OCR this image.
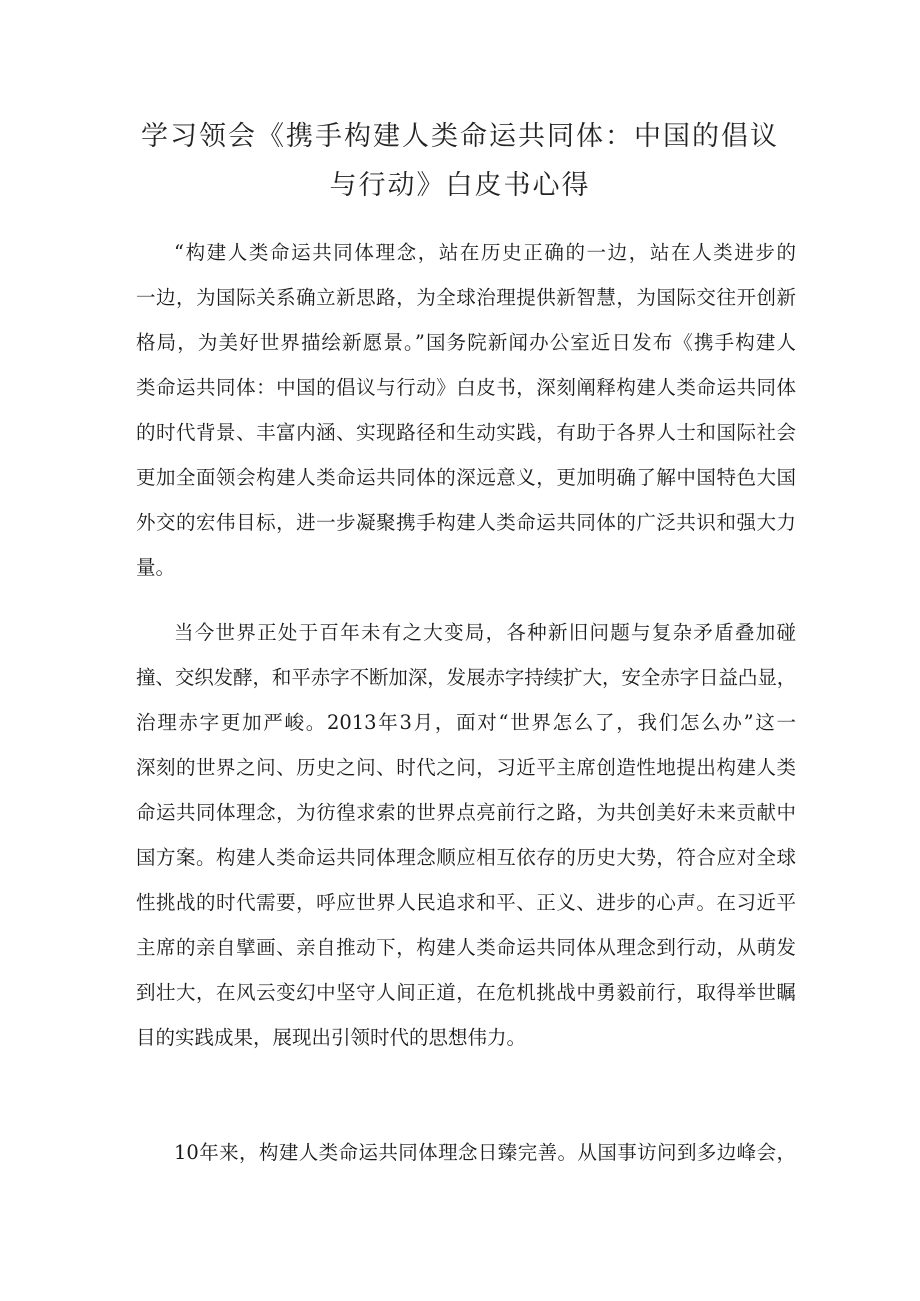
学习领会《携手构建人类命运共同体：中国的倡议
与行动》白皮书心得

“构建人类命运共同体理念，站在历史正确的一边，站在人类进步的
一边，为国际关系确立新思路，为全球治理提供新智慧，为国际交往开创新
格局，为美好世界描绘新愿景。”国务院新闻办公室近日发布《携手构建人
类命运共同体：中国的倡议与行动》白皮书，深刻阐释构建人类命运共同体
的时代背景、丰富内涵、实现路径和生动实践，有助于各界人士和国际社会
更加全面领会构建人类命运共同体的深远意义，更加明确了解中国特色大国
外交的宏伟目标，进一步凝聚携手构建人类命运共同体的广泛共识和强大力
量。

当今世界正处于百年未有之大变局，各种新旧问题与复杂矛盾叠加碰
撞、交织发酵，和平赤字不断加深，发展赤字持续扩大，安全赤字日益凸显，
治理赤字更加严峻。2013年3月，面对“世界怎么了，我们怎么办”这一
深刻的世界之问、历史之问、时代之问，习近平主席创造性地提出构建人类
命运共同体理念，为彷徨求索的世界点亮前行之路，为共创美好未来贡献中
国方案。构建人类命运共同体理念顺应相互依存的历史大势，符合应对全球
性挑战的时代需要，呼应世界人民追求和平、正义、进步的心声。在习近平
主席的亲自擘画、亲自推动下，构建人类命运共同体从理念到行动，从萌发
到壮大，在风云变幻中坚守人间正道，在危机挑战中勇毅前行，取得举世瞩
目的实践成果，展现出引领时代的思想伟力。

10年来，构建人类命运共同体理念日臻完善。从国事访问到多边峰会，
